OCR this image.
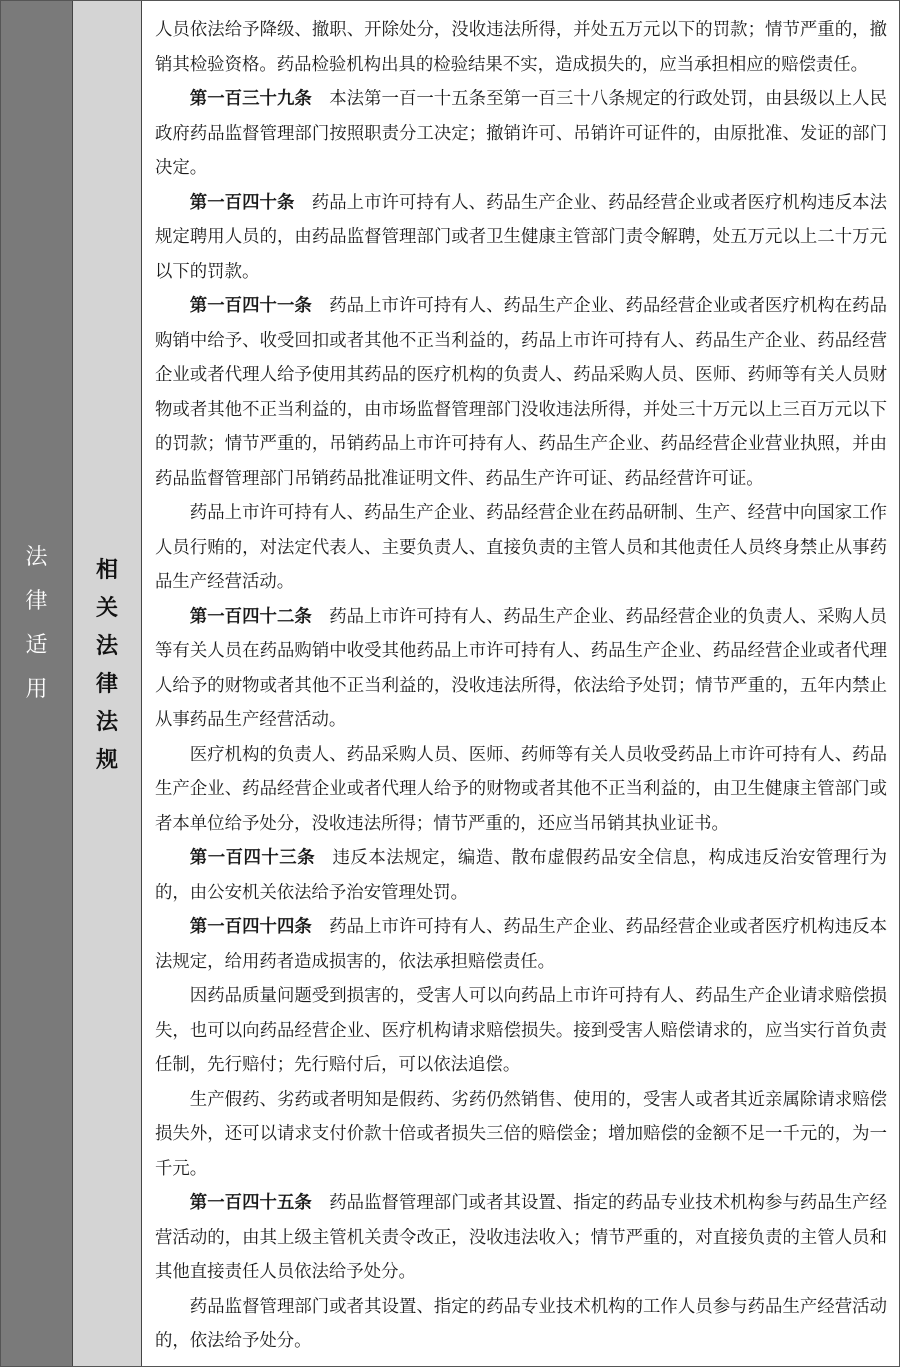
法
律
适
用
相
关
法
律
法
规

人员依法给予降级、撤职、开除处分，没收违法所得，并处五万元以下的罚款；情节严重的，撤销其检验资格。药品检验机构出具的检验结果不实，造成损失的，应当承担相应的赔偿责任。

第一百三十九条 本法第一百一十五条至第一百三十八条规定的行政处罚，由县级以上人民政府药品监督管理部门按照职责分工决定；撤销许可、吊销许可证件的，由原批准、发证的部门决定。

第一百四十条 药品上市许可持有人、药品生产企业、药品经营企业或者医疗机构违反本法规定聘用人员的，由药品监督管理部门或者卫生健康主管部门责令解聘，处五万元以上二十万元以下的罚款。

第一百四十一条 药品上市许可持有人、药品生产企业、药品经营企业或者医疗机构在药品购销中给予、收受回扣或者其他不正当利益的，药品上市许可持有人、药品生产企业、药品经营企业或者代理人给予使用其药品的医疗机构的负责人、药品采购人员、医师、药师等有关人员财物或者其他不正当利益的，由市场监督管理部门没收违法所得，并处三十万元以上三百万元以下的罚款；情节严重的，吊销药品上市许可持有人、药品生产企业、药品经营企业营业执照，并由药品监督管理部门吊销药品批准证明文件、药品生产许可证、药品经营许可证。

药品上市许可持有人、药品生产企业、药品经营企业在药品研制、生产、经营中向国家工作人员行贿的，对法定代表人、主要负责人、直接负责的主管人员和其他责任人员终身禁止从事药品生产经营活动。

第一百四十二条 药品上市许可持有人、药品生产企业、药品经营企业的负责人、采购人员等有关人员在药品购销中收受其他药品上市许可持有人、药品生产企业、药品经营企业或者代理人给予的财物或者其他不正当利益的，没收违法所得，依法给予处罚；情节严重的，五年内禁止从事药品生产经营活动。

医疗机构的负责人、药品采购人员、医师、药师等有关人员收受药品上市许可持有人、药品生产企业、药品经营企业或者代理人给予的财物或者其他不正当利益的，由卫生健康主管部门或者本单位给予处分，没收违法所得；情节严重的，还应当吊销其执业证书。

第一百四十三条 违反本法规定，编造、散布虚假药品安全信息，构成违反治安管理行为的，由公安机关依法给予治安管理处罚。

第一百四十四条 药品上市许可持有人、药品生产企业、药品经营企业或者医疗机构违反本法规定，给用药者造成损害的，依法承担赔偿责任。

因药品质量问题受到损害的，受害人可以向药品上市许可持有人、药品生产企业请求赔偿损失，也可以向药品经营企业、医疗机构请求赔偿损失。接到受害人赔偿请求的，应当实行首负责任制，先行赔付；先行赔付后，可以依法追偿。

生产假药、劣药或者明知是假药、劣药仍然销售、使用的，受害人或者其近亲属除请求赔偿损失外，还可以请求支付价款十倍或者损失三倍的赔偿金；增加赔偿的金额不足一千元的，为一千元。

第一百四十五条 药品监督管理部门或者其设置、指定的药品专业技术机构参与药品生产经营活动的，由其上级主管机关责令改正，没收违法收入；情节严重的，对直接负责的主管人员和其他直接责任人员依法给予处分。

药品监督管理部门或者其设置、指定的药品专业技术机构的工作人员参与药品生产经营活动的，依法给予处分。
